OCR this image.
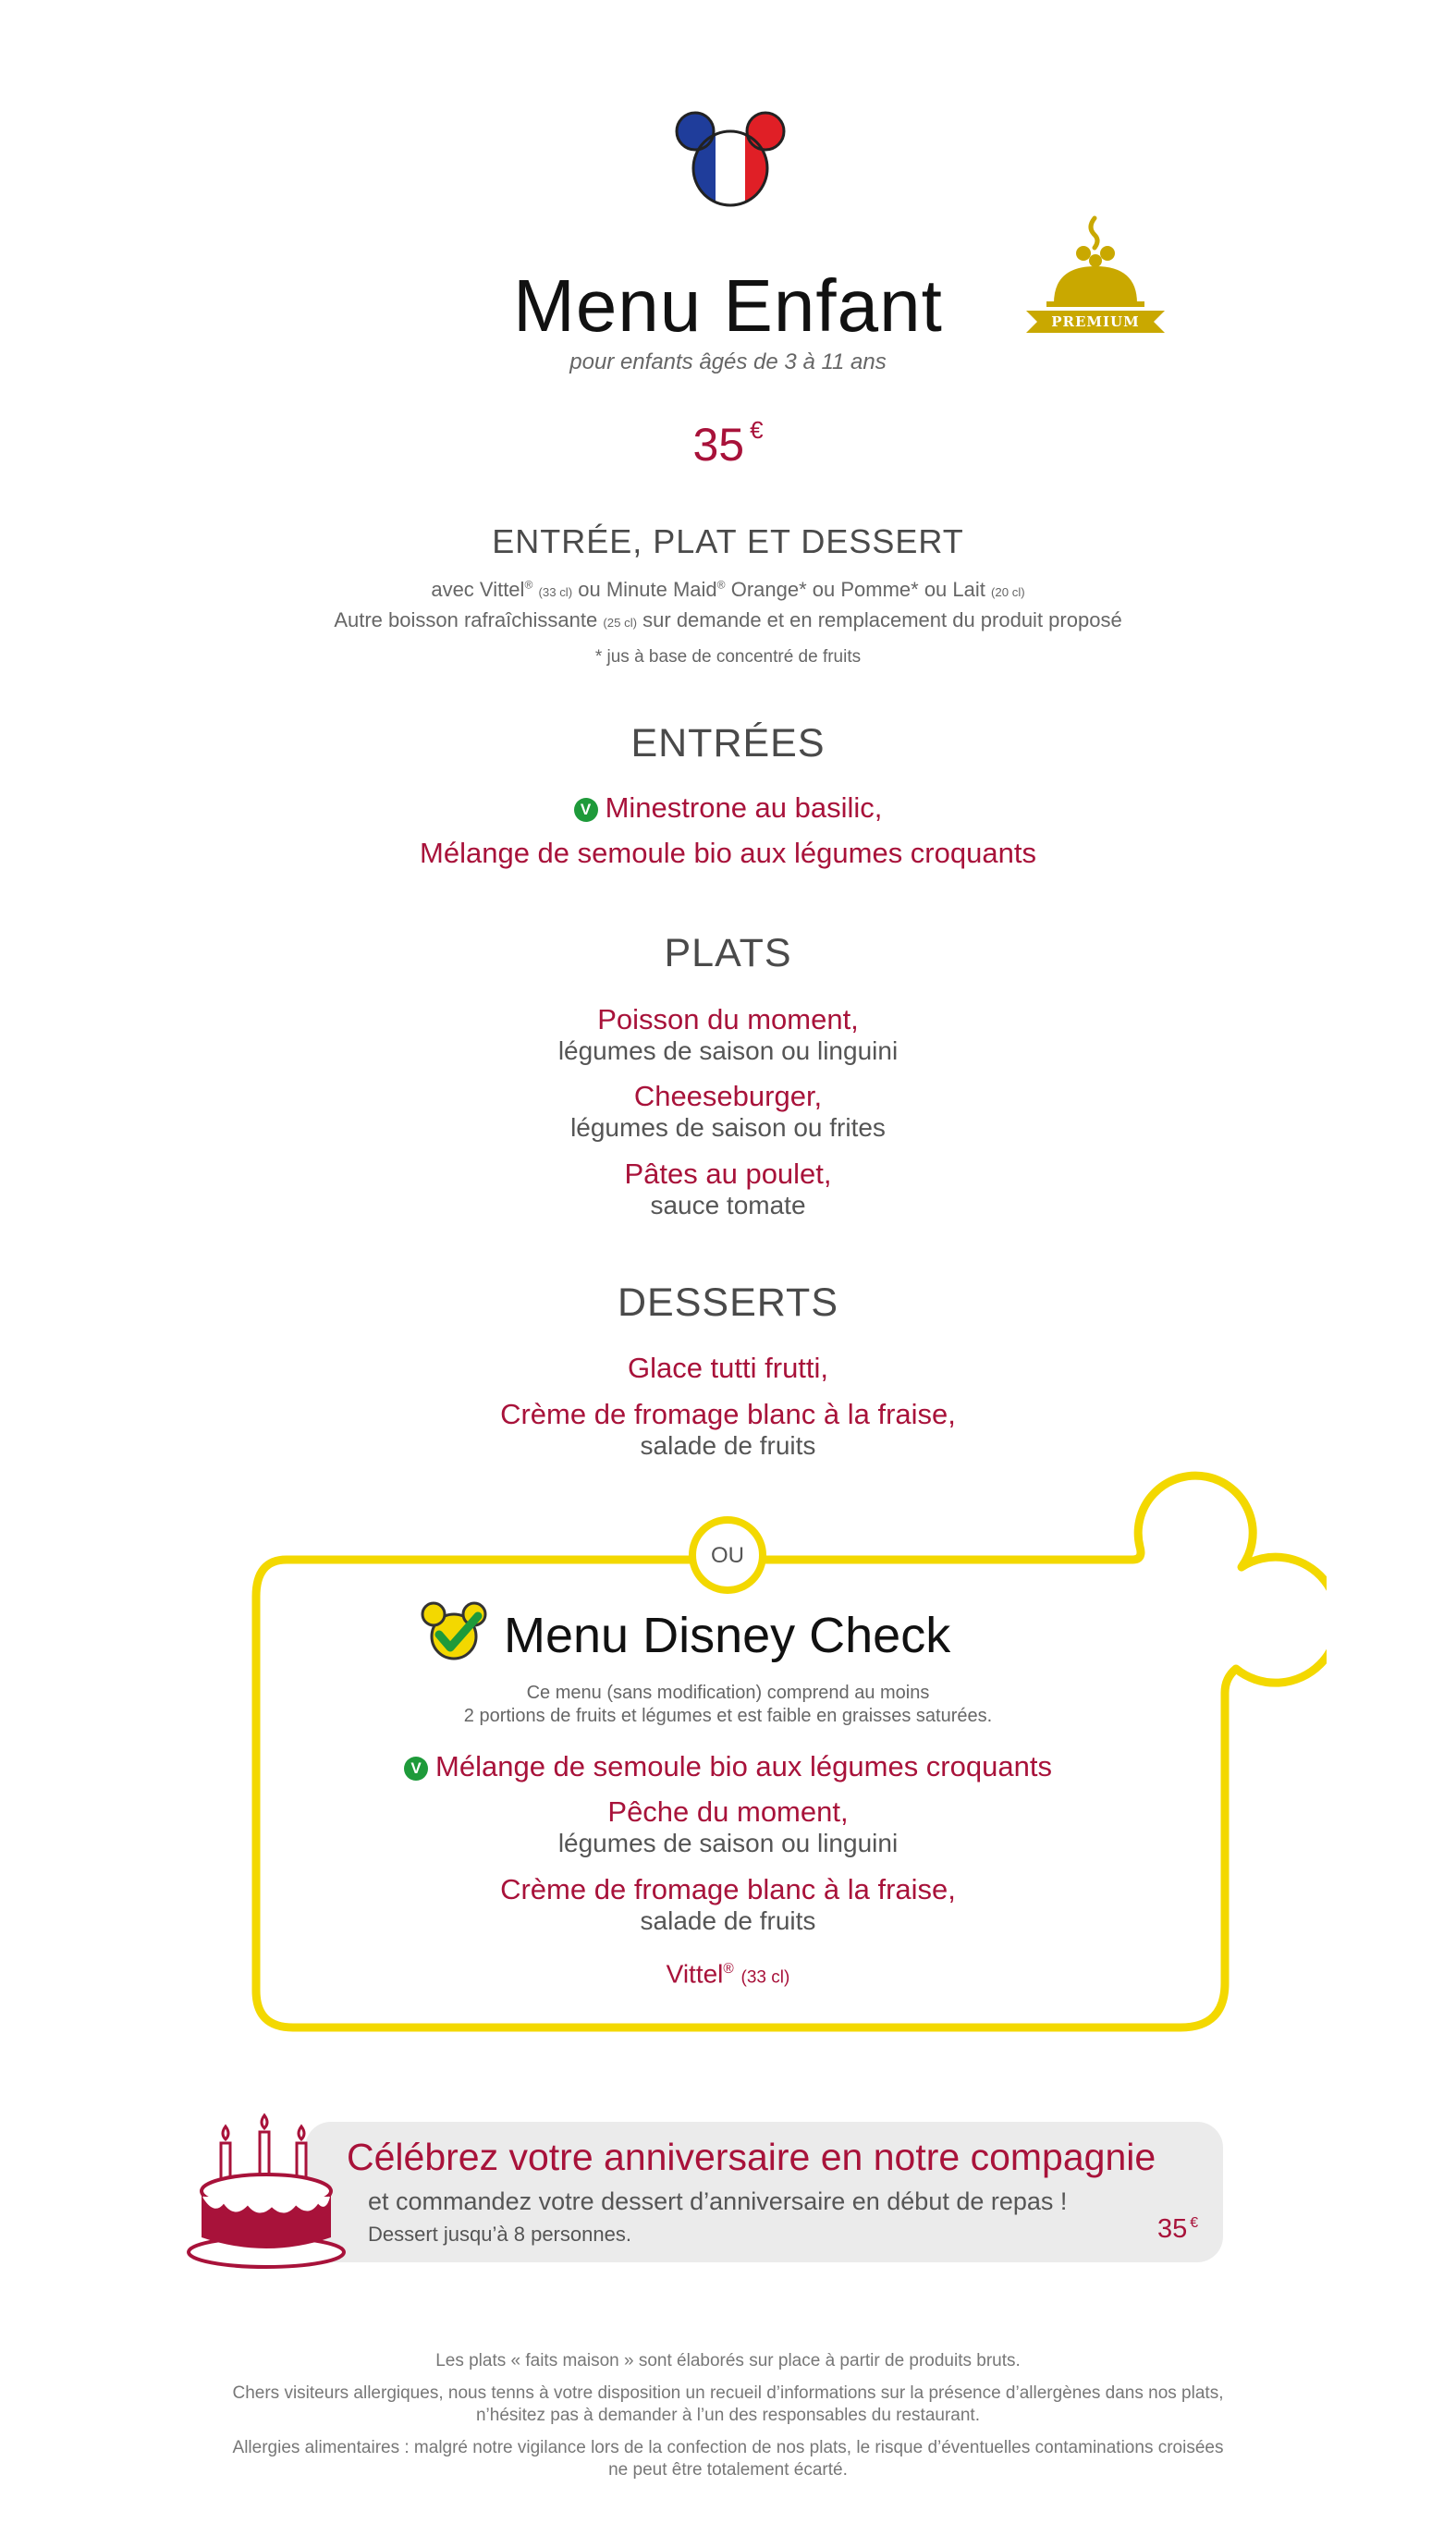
Menu Enfant
pour enfants âgés de 3 à 11 ans
PREMIUM
35 €
ENTRÉE, PLAT ET DESSERT
avec Vittel® (33 cl) ou Minute Maid® Orange* ou Pomme* ou Lait (20 cl)
Autre boisson rafraîchissante (25 cl) sur demande et en remplacement du produit proposé
* jus à base de concentré de fruits
ENTRÉES
V Minestrone au basilic,
Mélange de semoule bio aux légumes croquants
PLATS
Poisson du moment,
légumes de saison ou linguini
Cheeseburger,
légumes de saison ou frites
Pâtes au poulet,
sauce tomate
DESSERTS
Glace tutti frutti,
Crème de fromage blanc à la fraise,
salade de fruits
OU
Menu Disney Check
Ce menu (sans modification) comprend au moins
2 portions de fruits et légumes et est faible en graisses saturées.
V Mélange de semoule bio aux légumes croquants
Pêche du moment,
légumes de saison ou linguini
Crème de fromage blanc à la fraise,
salade de fruits
Vittel® (33 cl)
Célébrez votre anniversaire en notre compagnie
et commandez votre dessert d’anniversaire en début de repas !
Dessert jusqu’à 8 personnes.	35 €
Les plats « faits maison » sont élaborés sur place à partir de produits bruts.
Chers visiteurs allergiques, nous tenns à votre disposition un recueil d’informations sur la présence d’allergènes dans nos plats,
n’hésitez pas à demander à l’un des responsables du restaurant.
Allergies alimentaires : malgré notre vigilance lors de la confection de nos plats, le risque d’éventuelles contaminations croisées
ne peut être totalement écarté.
